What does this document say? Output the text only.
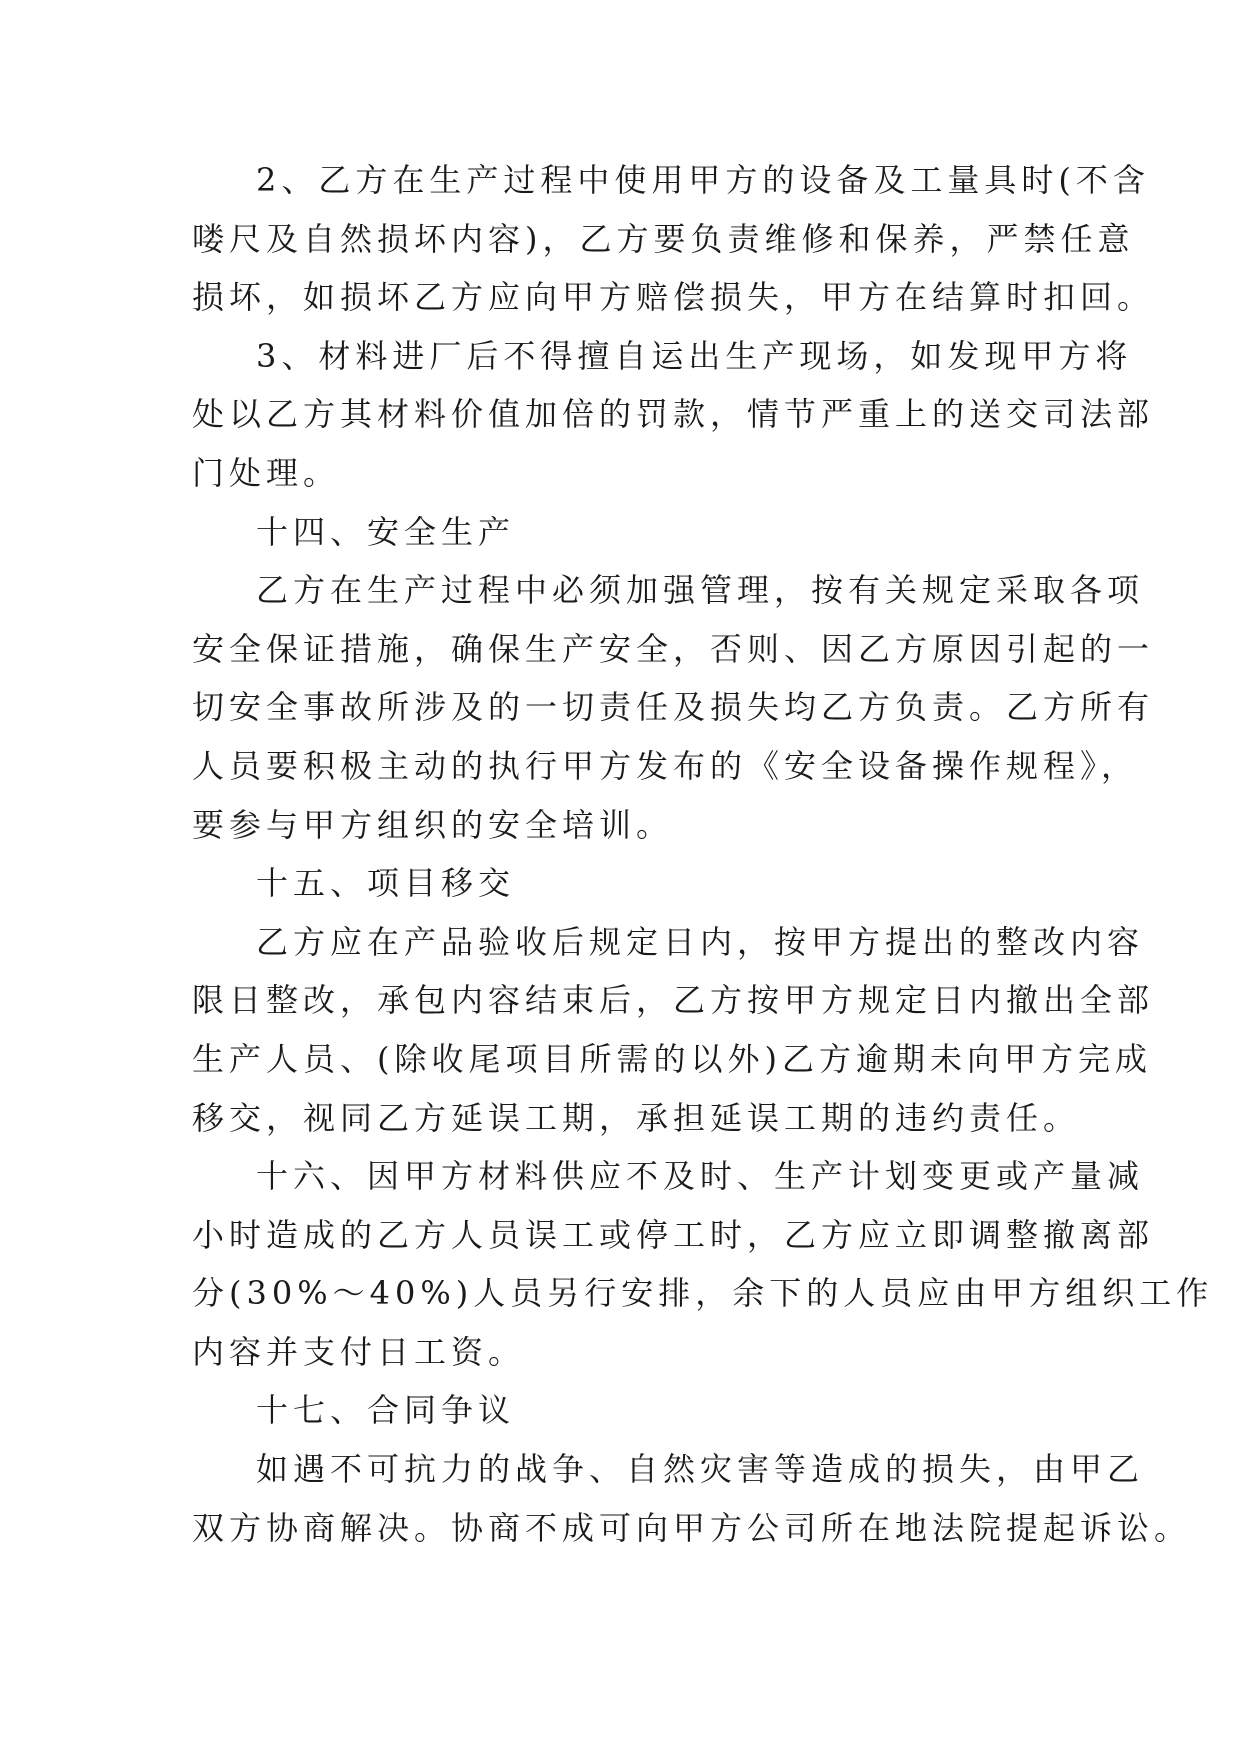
2、乙方在生产过程中使用甲方的设备及工量具时(不含
喽尺及自然损坏内容)，乙方要负责维修和保养，严禁任意
损坏，如损坏乙方应向甲方赔偿损失，甲方在结算时扣回。

3、材料进厂后不得擅自运出生产现场，如发现甲方将
处以乙方其材料价值加倍的罚款，情节严重上的送交司法部
门处理。

十四、安全生产

乙方在生产过程中必须加强管理，按有关规定采取各项
安全保证措施，确保生产安全，否则、因乙方原因引起的一
切安全事故所涉及的一切责任及损失均乙方负责。乙方所有
人员要积极主动的执行甲方发布的《安全设备操作规程》，
要参与甲方组织的安全培训。

十五、项目移交

乙方应在产品验收后规定日内，按甲方提出的整改内容
限日整改，承包内容结束后，乙方按甲方规定日内撤出全部
生产人员、(除收尾项目所需的以外)乙方逾期未向甲方完成
移交，视同乙方延误工期，承担延误工期的违约责任。

十六、因甲方材料供应不及时、生产计划变更或产量减
小时造成的乙方人员误工或停工时，乙方应立即调整撤离部
分(30%～40%)人员另行安排，余下的人员应由甲方组织工作
内容并支付日工资。

十七、合同争议

如遇不可抗力的战争、自然灾害等造成的损失，由甲乙
双方协商解决。协商不成可向甲方公司所在地法院提起诉讼。
